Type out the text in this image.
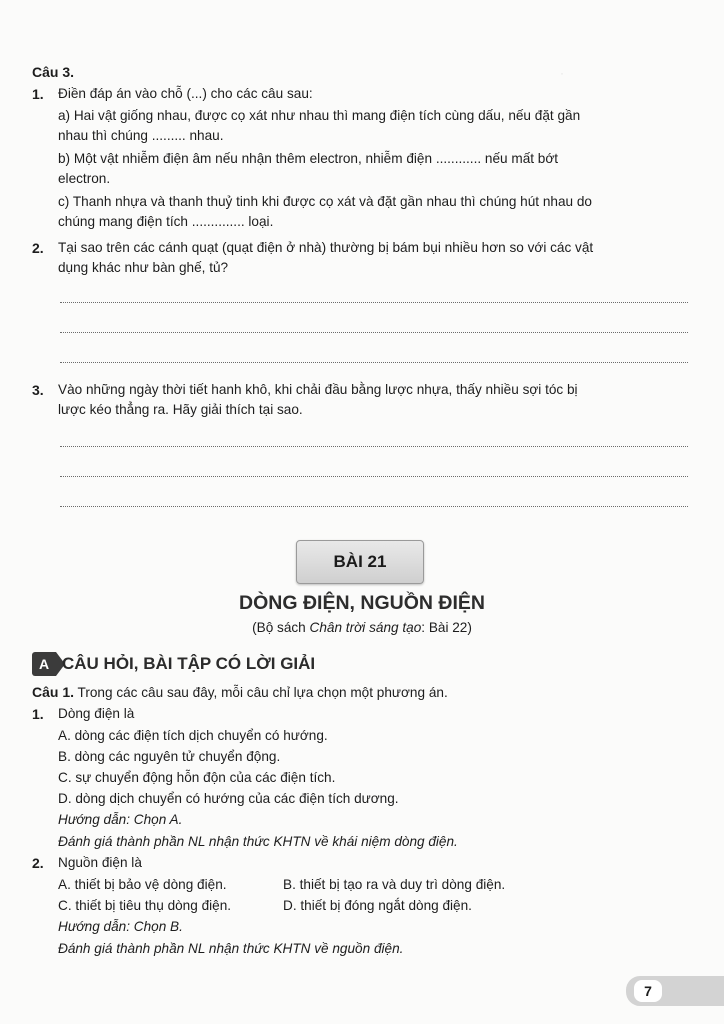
·
Câu 3.
1. Điền đáp án vào chỗ (...) cho các câu sau:
a) Hai vật giống nhau, được cọ xát như nhau thì mang điện tích cùng dấu, nếu đặt gần
nhau thì chúng ......... nhau.
b) Một vật nhiễm điện âm nếu nhận thêm electron, nhiễm điện ............ nếu mất bớt
electron.
c) Thanh nhựa và thanh thuỷ tinh khi được cọ xát và đặt gần nhau thì chúng hút nhau do
chúng mang điện tích .............. loại.
2. Tại sao trên các cánh quạt (quạt điện ở nhà) thường bị bám bụi nhiều hơn so với các vật
dụng khác như bàn ghế, tủ?
3. Vào những ngày thời tiết hanh khô, khi chải đầu bằng lược nhựa, thấy nhiều sợi tóc bị
lược kéo thẳng ra. Hãy giải thích tại sao.
BÀI 21
DÒNG ĐIỆN, NGUỒN ĐIỆN
(Bộ sách Chân trời sáng tạo: Bài 22)
A CÂU HỎI, BÀI TẬP CÓ LỜI GIẢI
Câu 1. Trong các câu sau đây, mỗi câu chỉ lựa chọn một phương án.
1. Dòng điện là
A. dòng các điện tích dịch chuyển có hướng.
B. dòng các nguyên tử chuyển động.
C. sự chuyển động hỗn độn của các điện tích.
D. dòng dịch chuyển có hướng của các điện tích dương.
Hướng dẫn: Chọn A.
Đánh giá thành phần NL nhận thức KHTN về khái niệm dòng điện.
2. Nguồn điện là
A. thiết bị bảo vệ dòng điện.	B. thiết bị tạo ra và duy trì dòng điện.
C. thiết bị tiêu thụ dòng điện.	D. thiết bị đóng ngắt dòng điện.
Hướng dẫn: Chọn B.
Đánh giá thành phần NL nhận thức KHTN về nguồn điện.
7
